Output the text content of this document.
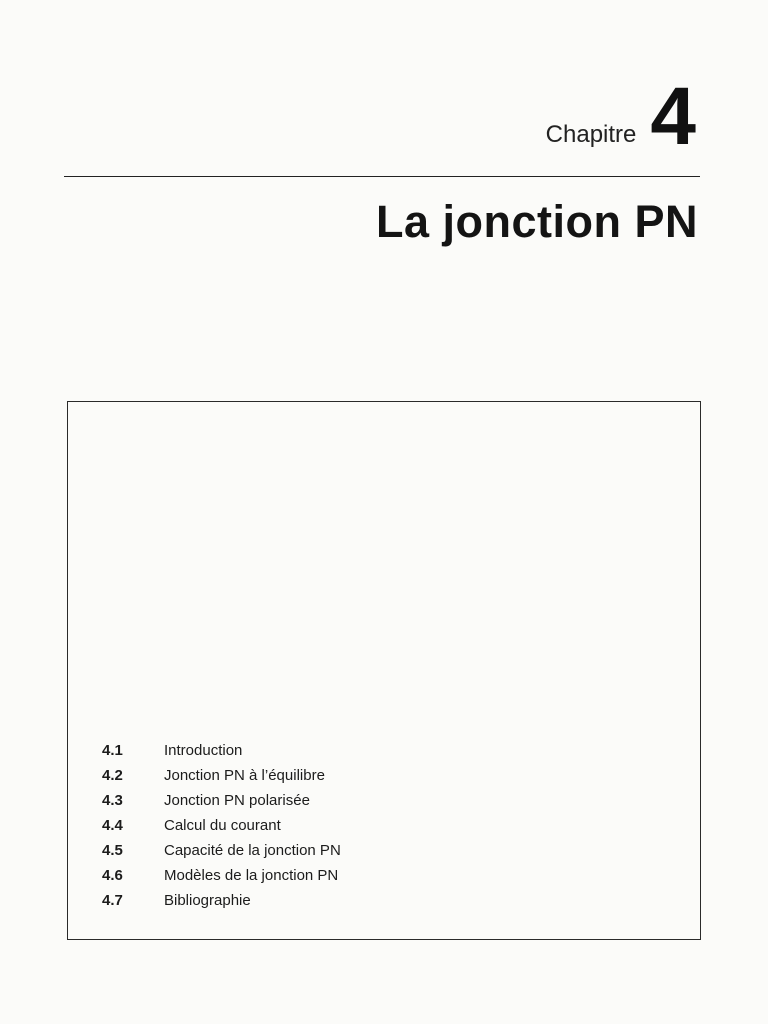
Chapitre 4
La jonction PN
4.1	Introduction
4.2	Jonction PN à l’équilibre
4.3	Jonction PN polarisée
4.4	Calcul du courant
4.5	Capacité de la jonction PN
4.6	Modèles de la jonction PN
4.7	Bibliographie
